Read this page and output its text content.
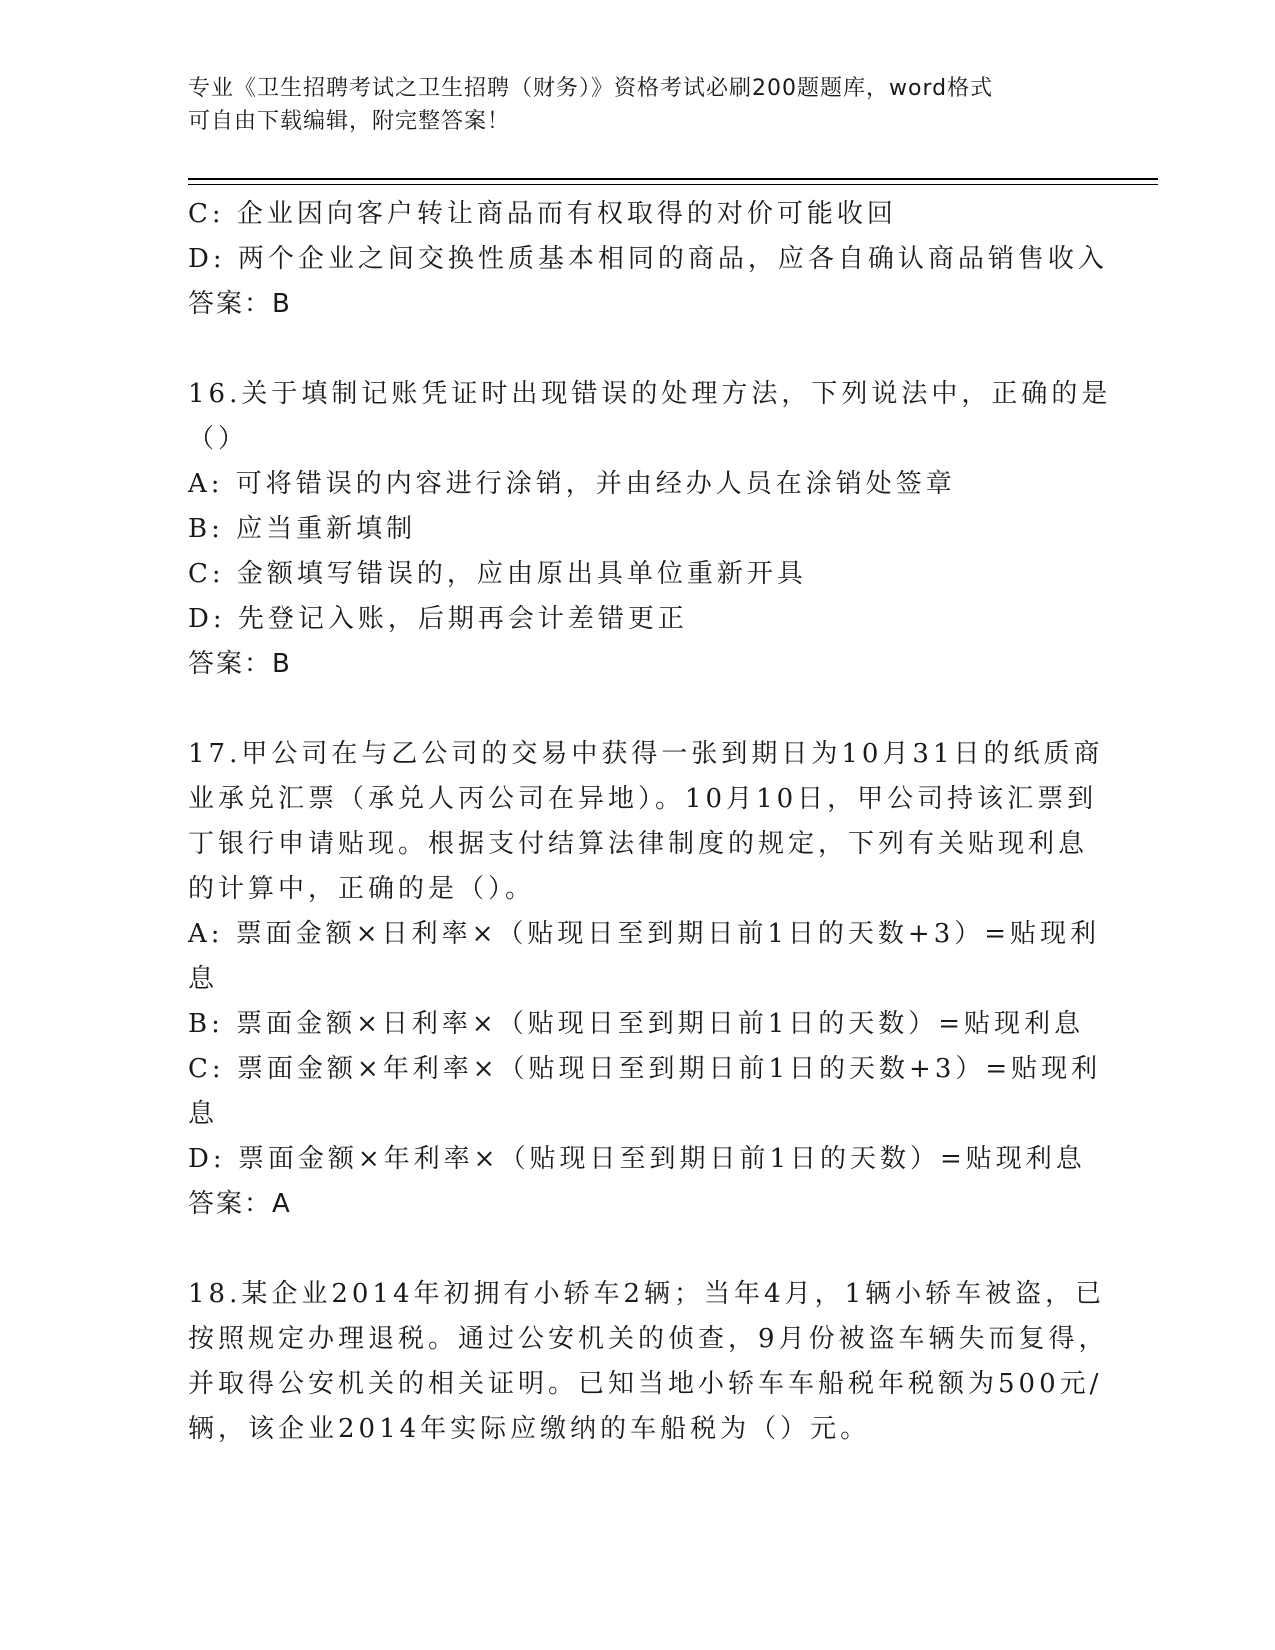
专业《卫生招聘考试之卫生招聘（财务）》资格考试必刷200题题库，word格式
可自由下载编辑，附完整答案！
C: 企业因向客户转让商品而有权取得的对价可能收回
D: 两个企业之间交换性质基本相同的商品，应各自确认商品销售收入
答案：B
16.关于填制记账凭证时出现错误的处理方法，下列说法中，正确的是
（）
A: 可将错误的内容进行涂销，并由经办人员在涂销处签章
B: 应当重新填制
C: 金额填写错误的，应由原出具单位重新开具
D: 先登记入账，后期再会计差错更正
答案：B
17.甲公司在与乙公司的交易中获得一张到期日为10月31日的纸质商
业承兑汇票（承兑人丙公司在异地）。10月10日，甲公司持该汇票到
丁银行申请贴现。根据支付结算法律制度的规定，下列有关贴现利息
的计算中，正确的是（）。
A: 票面金额×日利率×（贴现日至到期日前1日的天数+3）=贴现利
息
B: 票面金额×日利率×（贴现日至到期日前1日的天数）=贴现利息
C: 票面金额×年利率×（贴现日至到期日前1日的天数+3）=贴现利
息
D: 票面金额×年利率×（贴现日至到期日前1日的天数）=贴现利息
答案：A
18.某企业2014年初拥有小轿车2辆；当年4月，1辆小轿车被盗，已
按照规定办理退税。通过公安机关的侦查，9月份被盗车辆失而复得，
并取得公安机关的相关证明。已知当地小轿车车船税年税额为500元/
辆，该企业2014年实际应缴纳的车船税为（）元。
